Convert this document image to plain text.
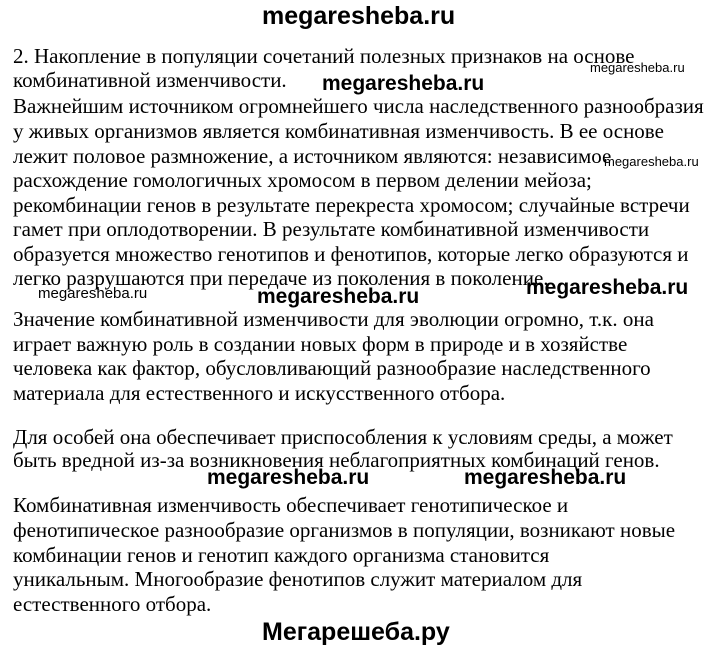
megaresheba.ru
megaresheba.ru
megaresheba.ru
megaresheba.ru
megaresheba.ru	megaresheba.ru	megaresheba.ru
megaresheba.ru	megaresheba.ru
Мегарешеба.ру
2. Накопление в популяции сочетаний полезных признаков на основе
комбинативной изменчивости.
Важнейшим источником огромнейшего числа наследственного разнообразия
у живых организмов является комбинативная изменчивость. В ее основе
лежит половое размножение, а источником являются: независимое
расхождение гомологичных хромосом в первом делении мейоза;
рекомбинации генов в результате перекреста хромосом; случайные встречи
гамет при оплодотворении. В результате комбинативной изменчивости
образуется множество генотипов и фенотипов, которые легко образуются и
легко разрушаются при передаче из поколения в поколение.
Значение комбинативной изменчивости для эволюции огромно, т.к. она
играет важную роль в создании новых форм в природе и в хозяйстве
человека как фактор, обусловливающий разнообразие наследственного
материала для естественного и искусственного отбора.
Для особей она обеспечивает приспособления к условиям среды, а может
быть вредной из-за возникновения неблагоприятных комбинаций генов.
Комбинативная изменчивость обеспечивает генотипическое и
фенотипическое разнообразие организмов в популяции, возникают новые
комбинации генов и генотип каждого организма становится
уникальным. Многообразие фенотипов служит материалом для
естественного отбора.
